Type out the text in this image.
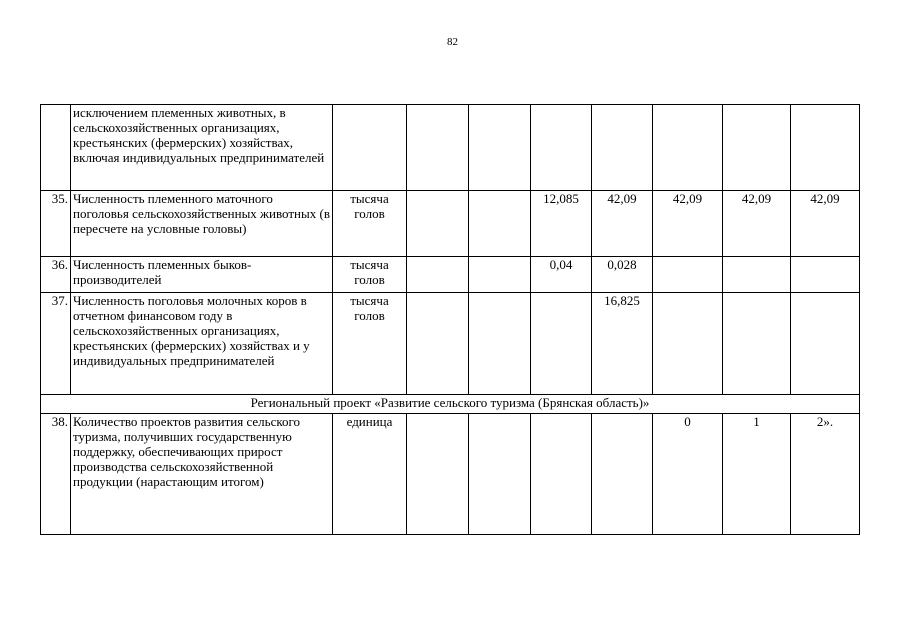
82
	исключением племенных животных, в сельскохозяйственных организациях, крестьянских (фермерских) хозяйствах, включая индивидуальных предпринимателей								
35.	Численность племенного маточного поголовья сельскохозяйственных животных (в пересчете на условные головы)	тысяча голов			12,085	42,09	42,09	42,09	42,09
36.	Численность племенных быков-производителей	тысяча голов			0,04	0,028			
37.	Численность поголовья молочных коров в отчетном финансовом году в сельскохозяйственных организациях, крестьянских (фермерских) хозяйствах и у индивидуальных предпринимателей	тысяча голов				16,825			
Региональный проект «Развитие сельского туризма (Брянская область)»									
38.	Количество проектов развития сельского туризма, получивших государственную поддержку, обеспечивающих прирост производства сельскохозяйственной продукции (нарастающим итогом)	единица					0	1	2».
